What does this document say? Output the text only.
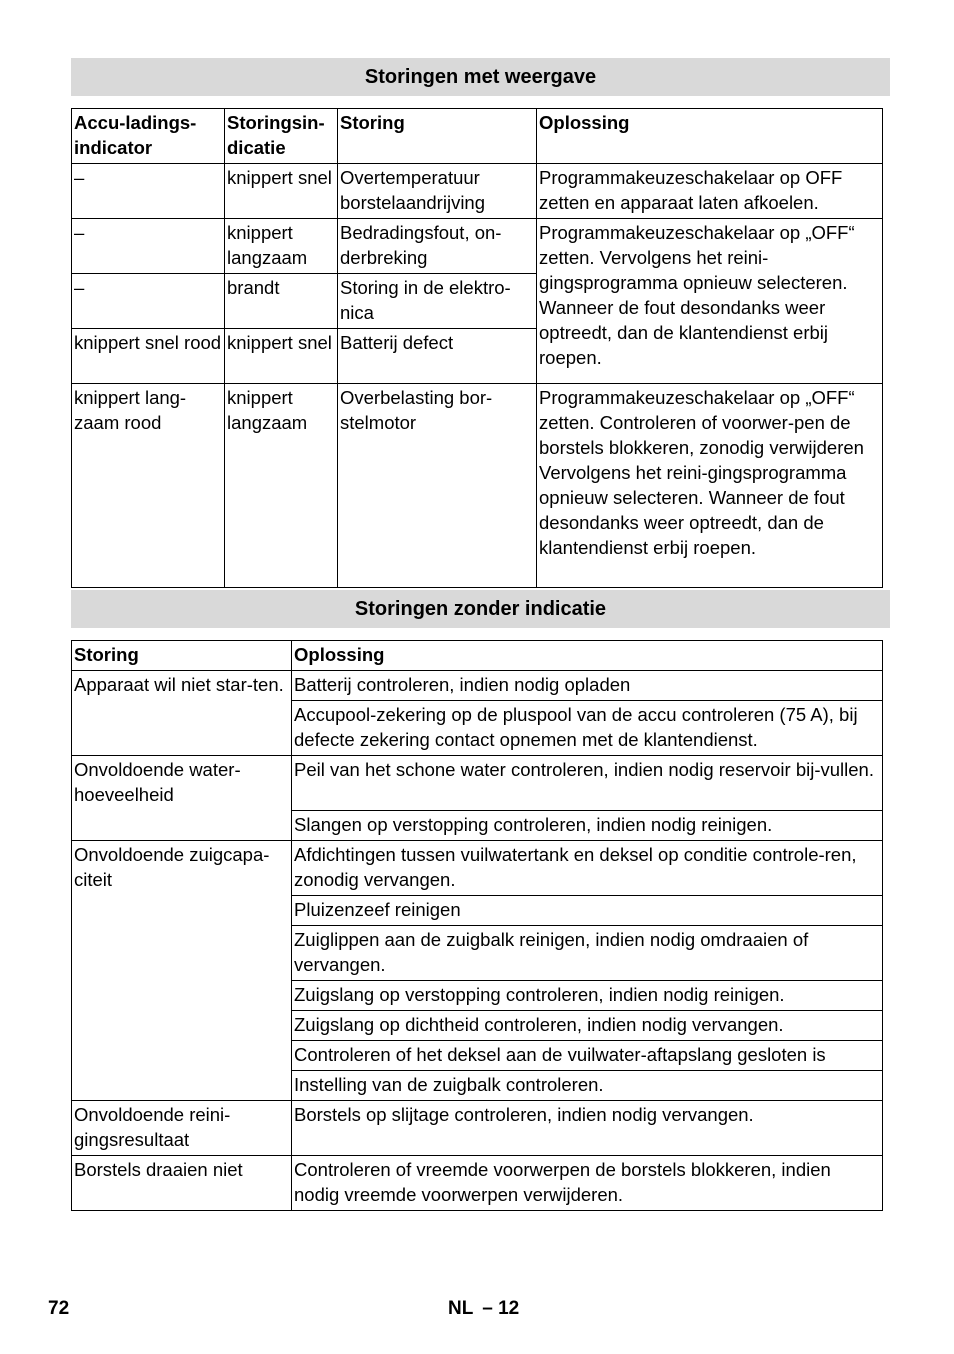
Storingen met weergave
Accu-ladings-indicator	Storingsin-dicatie	Storing	Oplossing
–	knippert snel	Overtemperatuur borstelaandrijving	Programmakeuzeschakelaar op OFF zetten en apparaat laten afkoelen.
–	knippert langzaam	Bedradingsfout, on-derbreking	Programmakeuzeschakelaar op „OFF“ zetten. Vervolgens het reini-gingsprogramma opnieuw selecteren. Wanneer de fout desondanks weer optreedt, dan de klantendienst erbij roepen.
–	brandt	Storing in de elektro-nica	
knippert snel rood	knippert snel	Batterij defect	
knippert lang-zaam rood	knippert langzaam	Overbelasting bor-stelmotor	Programmakeuzeschakelaar op „OFF“ zetten. Controleren of voorwer-pen de borstels blokkeren, zonodig verwijderen Vervolgens het reini-gingsprogramma opnieuw selecteren. Wanneer de fout desondanks weer optreedt, dan de klantendienst erbij roepen.
Storingen zonder indicatie
Storing	Oplossing
Apparaat wil niet star-ten.	Batterij controleren, indien nodig opladen
	Accupool-zekering op de pluspool van de accu controleren (75 A), bij defecte zekering contact opnemen met de klantendienst.
Onvoldoende water-hoeveelheid	Peil van het schone water controleren, indien nodig reservoir bij-vullen.
	Slangen op verstopping controleren, indien nodig reinigen.
Onvoldoende zuigcapa-citeit	Afdichtingen tussen vuilwatertank en deksel op conditie controle-ren, zonodig vervangen.
	Pluizenzeef reinigen
	Zuiglippen aan de zuigbalk reinigen, indien nodig omdraaien of vervangen.
	Zuigslang op verstopping controleren, indien nodig reinigen.
	Zuigslang op dichtheid controleren, indien nodig vervangen.
	Controleren of het deksel aan de vuilwater-aftapslang gesloten is
	Instelling van de zuigbalk controleren.
Onvoldoende reini-gingsresultaat	Borstels op slijtage controleren, indien nodig vervangen.
Borstels draaien niet	Controleren of vreemde voorwerpen de borstels blokkeren, indien nodig vreemde voorwerpen verwijderen.
72	NL – 12
